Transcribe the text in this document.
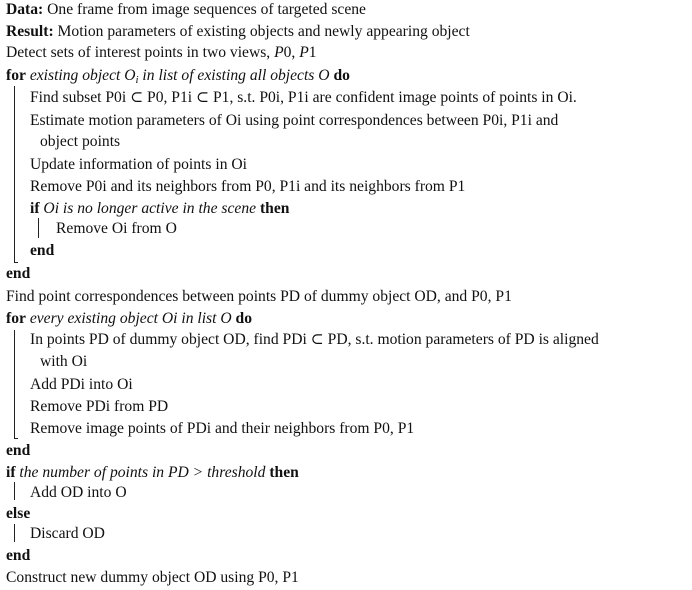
Data: One frame from image sequences of targeted scene
Result: Motion parameters of existing objects and newly appearing object
Detect sets of interest points in two views, P0, P1
for existing object $O_i$ in list of existing all objects O do
Find subset P0i ⊂ P0, P1i ⊂ P1, s.t. P0i, P1i are confident image points of points in Oi.
Estimate motion parameters of Oi using point correspondences between P0i, P1i and
object points
Update information of points in Oi
Remove P0i and its neighbors from P0, P1i and its neighbors from P1
if Oi is no longer active in the scene then
Remove Oi from O
end
end
Find point correspondences between points PD of dummy object OD, and P0, P1
for every existing object Oi in list O do
In points PD of dummy object OD, find PDi ⊂ PD, s.t. motion parameters of PD is aligned
with Oi
Add PDi into Oi
Remove PDi from PD
Remove image points of PDi and their neighbors from P0, P1
end
if the number of points in PD > threshold then
Add OD into O
else
Discard OD
end
Construct new dummy object OD using P0, P1
